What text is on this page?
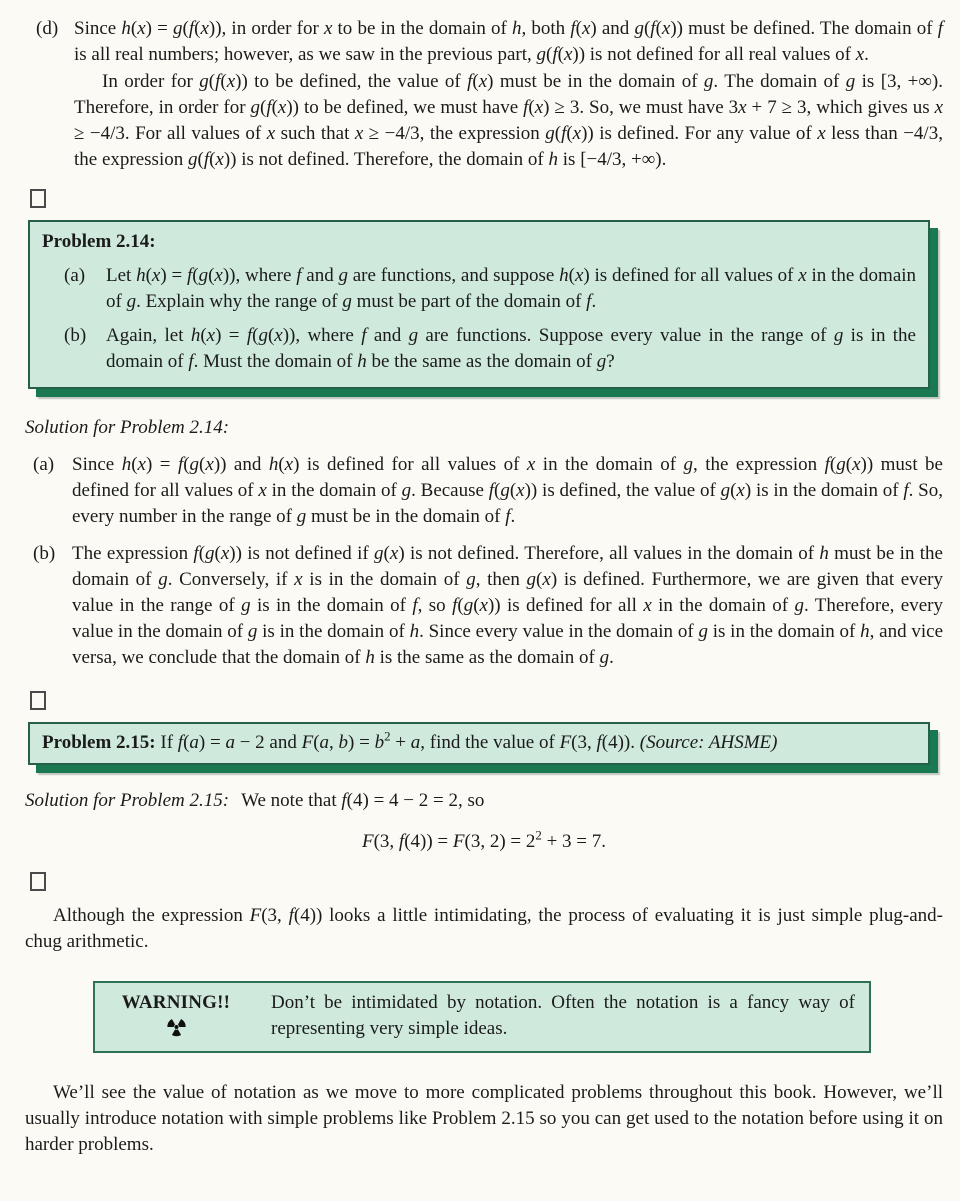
(d) Since h(x) = g(f(x)), in order for x to be in the domain of h, both f(x) and g(f(x)) must be defined. The domain of f is all real numbers; however, as we saw in the previous part, g(f(x)) is not defined for all real values of x.

In order for g(f(x)) to be defined, the value of f(x) must be in the domain of g. The domain of g is [3, +∞). Therefore, in order for g(f(x)) to be defined, we must have f(x) ≥ 3. So, we must have 3x + 7 ≥ 3, which gives us x ≥ −4/3. For all values of x such that x ≥ −4/3, the expression g(f(x)) is defined. For any value of x less than −4/3, the expression g(f(x)) is not defined. Therefore, the domain of h is [−4/3, +∞).

Problem 2.14:

(a)	Let h(x) = f(g(x)), where f and g are functions, and suppose h(x) is defined for all values of x in the domain of g. Explain why the range of g must be part of the domain of f.

(b)	Again, let h(x) = f(g(x)), where f and g are functions. Suppose every value in the range of g is in the domain of f. Must the domain of h be the same as the domain of g?

Solution for Problem 2.14:

(a) Since h(x) = f(g(x)) and h(x) is defined for all values of x in the domain of g, the expression f(g(x)) must be defined for all values of x in the domain of g. Because f(g(x)) is defined, the value of g(x) is in the domain of f. So, every number in the range of g must be in the domain of f.

(b) The expression f(g(x)) is not defined if g(x) is not defined. Therefore, all values in the domain of h must be in the domain of g. Conversely, if x is in the domain of g, then g(x) is defined. Furthermore, we are given that every value in the range of g is in the domain of f, so f(g(x)) is defined for all x in the domain of g. Therefore, every value in the domain of g is in the domain of h. Since every value in the domain of g is in the domain of h, and vice versa, we conclude that the domain of h is the same as the domain of g.

Problem 2.15: If f(a) = a − 2 and F(a, $b) = b^2 + a$, find the value of F(3, f(4)). (Source: AHSME)

Solution for Problem 2.15: We note that f(4) = 4 − 2 = 2, so

F(3, f(4)) = F(3, $2) = 2^2 + 3 = 7$.

Although the expression F(3, f(4)) looks a little intimidating, the process of evaluating it is just simple plug-and-chug arithmetic.

WARNING!!	Don’t be intimidated by notation. Often the notation is a fancy way of representing very simple ideas.

We’ll see the value of notation as we move to more complicated problems throughout this book. However, we’ll usually introduce notation with simple problems like Problem 2.15 so you can get used to the notation before using it on harder problems.
